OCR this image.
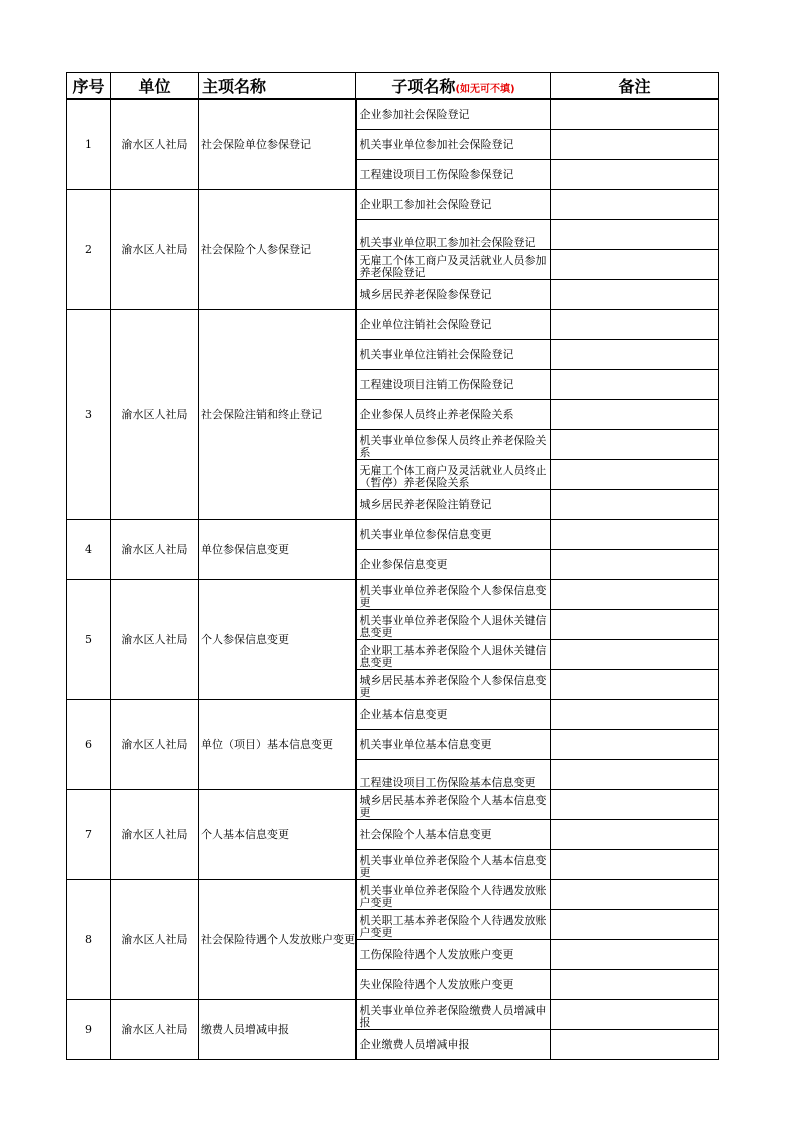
序号	单位	主项名称	子项名称(如无可不填)	备注
1	渝水区人社局	社会保险单位参保登记	企业参加社会保险登记	
			机关事业单位参加社会保险登记	
			工程建设项目工伤保险参保登记	
2	渝水区人社局	社会保险个人参保登记	企业职工参加社会保险登记	
			机关事业单位职工参加社会保险登记	
			无雇工个体工商户及灵活就业人员参加养老保险登记	
			城乡居民养老保险参保登记	
3	渝水区人社局	社会保险注销和终止登记	企业单位注销社会保险登记	
			机关事业单位注销社会保险登记	
			工程建设项目注销工伤保险登记	
			企业参保人员终止养老保险关系	
			机关事业单位参保人员终止养老保险关系	
			无雇工个体工商户及灵活就业人员终止（暂停）养老保险关系	
			城乡居民养老保险注销登记	
4	渝水区人社局	单位参保信息变更	机关事业单位参保信息变更	
			企业参保信息变更	
5	渝水区人社局	个人参保信息变更	机关事业单位养老保险个人参保信息变更	
			机关事业单位养老保险个人退休关键信息变更	
			企业职工基本养老保险个人退休关键信息变更	
			城乡居民基本养老保险个人参保信息变更	
6	渝水区人社局	单位（项目）基本信息变更	企业基本信息变更	
			机关事业单位基本信息变更	
			工程建设项目工伤保险基本信息变更	
7	渝水区人社局	个人基本信息变更	城乡居民基本养老保险个人基本信息变更	
			社会保险个人基本信息变更	
			机关事业单位养老保险个人基本信息变更	
8	渝水区人社局	社会保险待遇个人发放账户变更	机关事业单位养老保险个人待遇发放账户变更	
			机关职工基本养老保险个人待遇发放账户变更	
			工伤保险待遇个人发放账户变更	
			失业保险待遇个人发放账户变更	
9	渝水区人社局	缴费人员增减申报	机关事业单位养老保险缴费人员增减申报	
			企业缴费人员增减申报	
